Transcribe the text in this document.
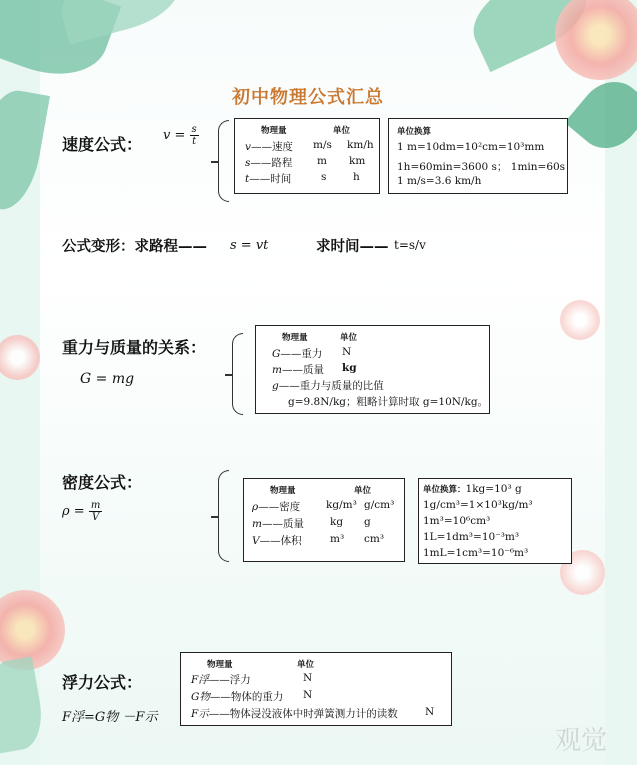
初中物理公式汇总
速度公式： $v = \frac{s}{t}$	物理量	单位
v——速度 m/s km/h
s——路程 m km
t——时间	s	h
单位换算
1 m=10dm=10²cm=10³mm
1h=60min=3600 s； 1min=60s
1 m/s=3.6 km/h
公式变形：求路程—— s = vt	求时间—— t=s/v
重力与质量的关系：
G = mg
物理量	单位
G——重力 N
m——质量 kg
g——重力与质量的比值
g=9.8N/kg；粗略计算时取 g=10N/kg。
密度公式：
$\rho = \frac{m}{V}$
物理量	单位
ρ——密度 kg/m³ g/cm³
m——质量 kg g
V——体积	m³ cm³
单位换算：1kg=10³ g
1g/cm³=1×10³kg/m³
1m³=10⁶cm³
1L=1dm³=10⁻³m³
1mL=1cm³=10⁻⁶m³
浮力公式：
F浮=G物 －F示
物理量	单位
F浮——浮力	N
G物——物体的重力 N
F示——物体浸没液体中时弹簧测力计的读数	N
观觉
